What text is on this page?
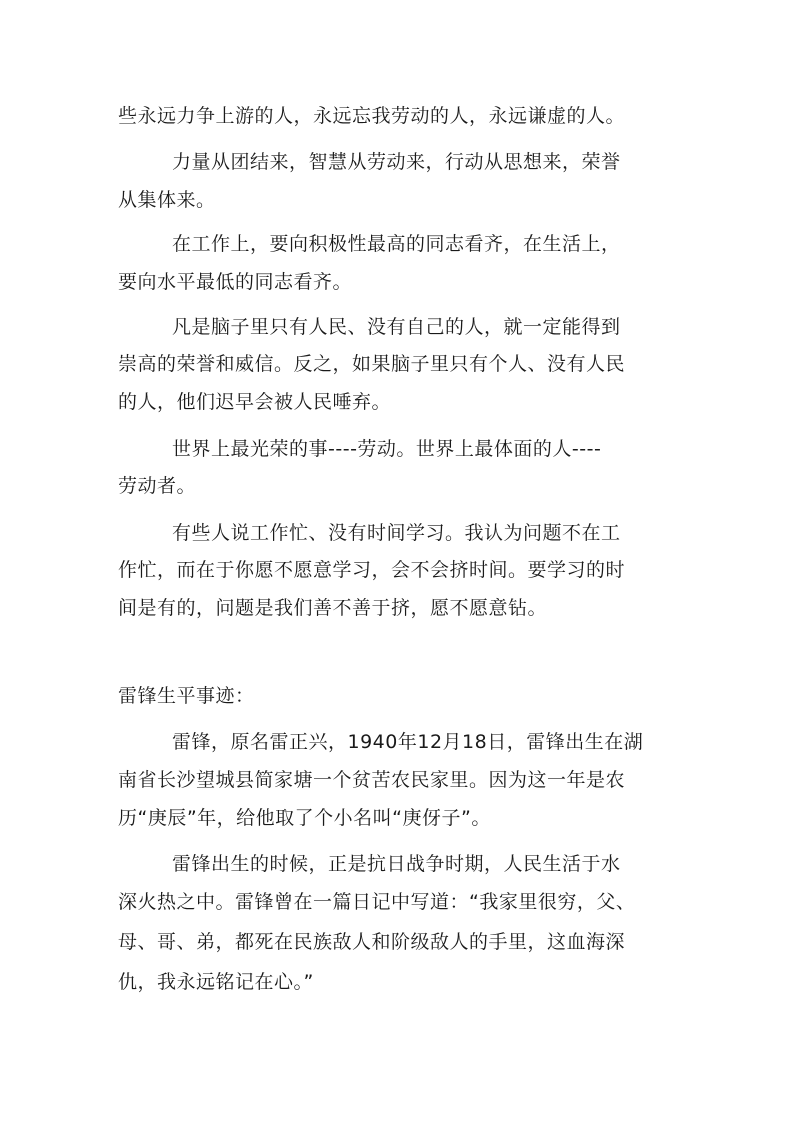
些永远力争上游的人，永远忘我劳动的人，永远谦虚的人。
力量从团结来，智慧从劳动来，行动从思想来，荣誉
从集体来。
在工作上，要向积极性最高的同志看齐，在生活上，
要向水平最低的同志看齐。
凡是脑子里只有人民、没有自己的人，就一定能得到
崇高的荣誉和威信。反之，如果脑子里只有个人、没有人民
的人，他们迟早会被人民唾弃。
世界上最光荣的事----劳动。世界上最体面的人----
劳动者。
有些人说工作忙、没有时间学习。我认为问题不在工
作忙，而在于你愿不愿意学习，会不会挤时间。要学习的时
间是有的，问题是我们善不善于挤，愿不愿意钻。
雷锋生平事迹：
雷锋，原名雷正兴，1940年12月18日，雷锋出生在湖
南省长沙望城县简家塘一个贫苦农民家里。因为这一年是农
历“庚辰”年，给他取了个小名叫“庚伢子”。
雷锋出生的时候，正是抗日战争时期，人民生活于水
深火热之中。雷锋曾在一篇日记中写道：“我家里很穷，父、
母、哥、弟，都死在民族敌人和阶级敌人的手里，这血海深
仇，我永远铭记在心。”
